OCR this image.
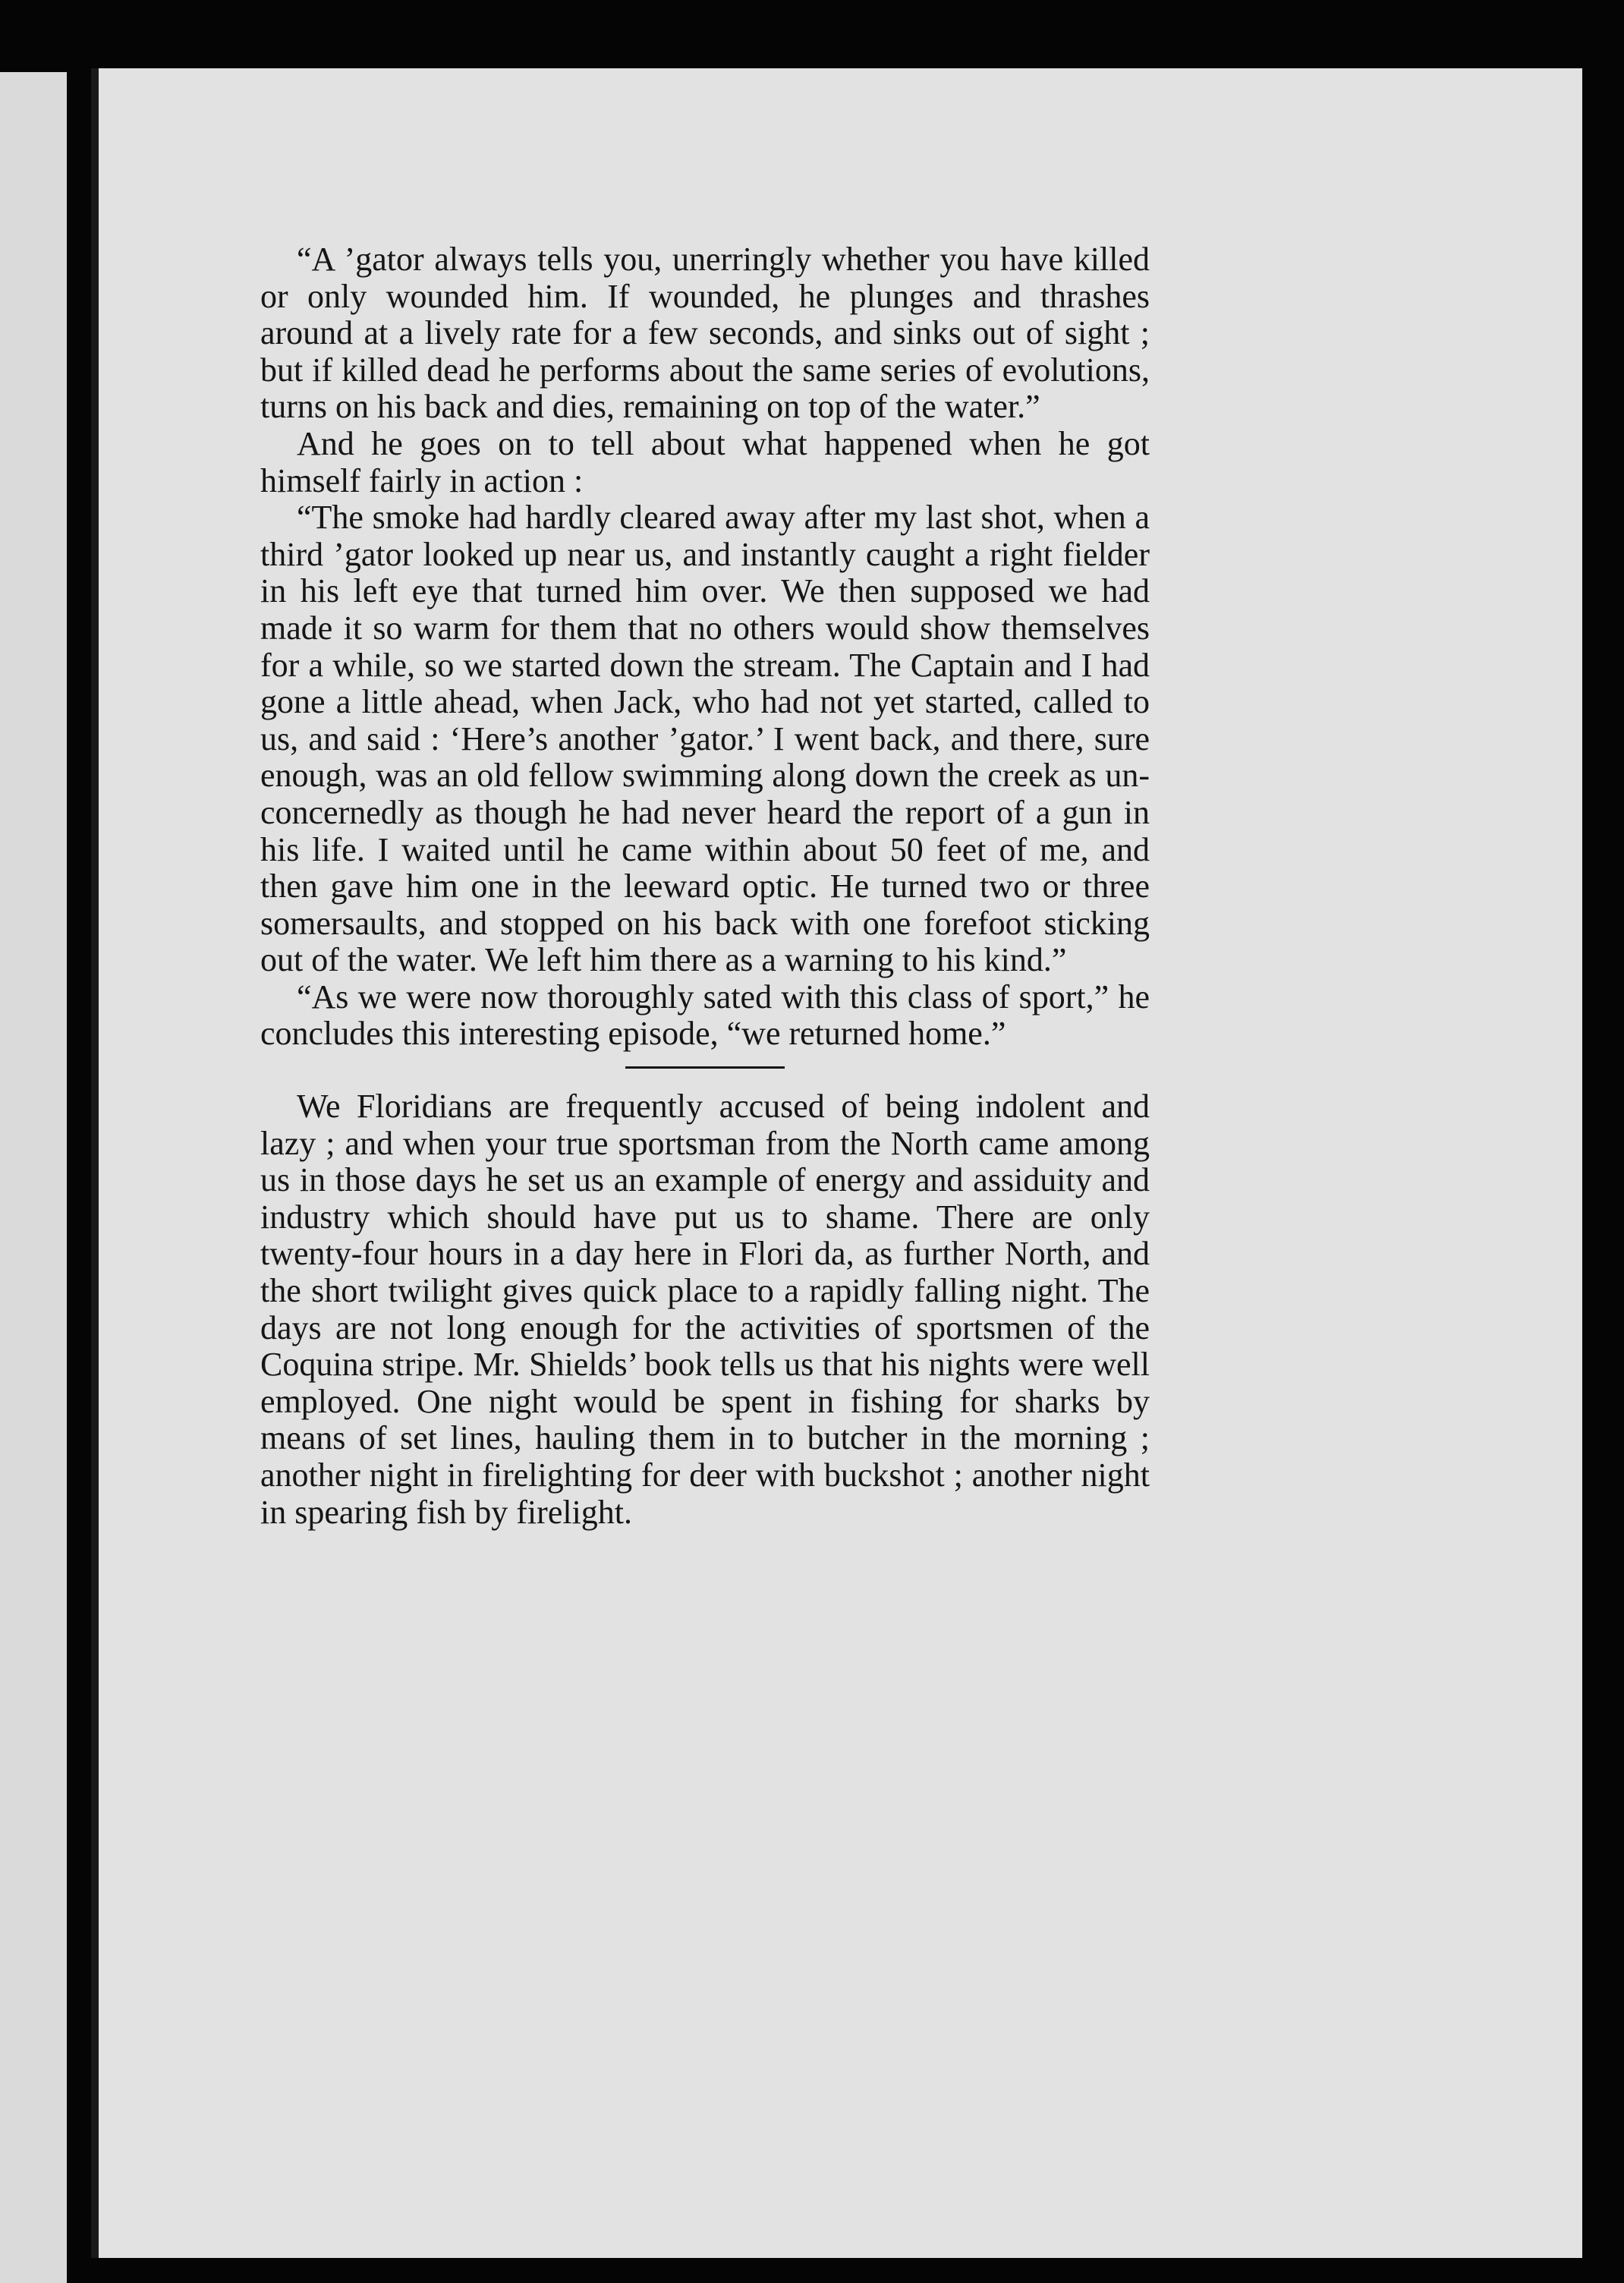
“A ’gator always tells you, unerringly whether you have killed or only wounded him. If wounded, he plunges and thrashes around at a lively rate for a few seconds, and sinks out of sight ; but if killed dead he performs about the same series of evolutions, turns on his back and dies, remaining on top of the water.”

And he goes on to tell about what happened when he got himself fairly in action :

“The smoke had hardly cleared away after my last shot, when a third ’gator looked up near us, and instantly caught a right fielder in his left eye that turned him over. We then supposed we had made it so warm for them that no others would show themselves for a while, so we started down the stream. The Captain and I had gone a little ahead, when Jack, who had not yet started, called to us, and said : ‘Here’s another ’gator.’ I went back, and there, sure enough, was an old fellow swimming along down the creek as unconcernedly as though he had never heard the report of a gun in his life. I waited until he came within about 50 feet of me, and then gave him one in the leeward optic. He turned two or three somersaults, and stopped on his back with one forefoot sticking out of the water. We left him there as a warning to his kind.”

“As we were now thoroughly sated with this class of sport,” he concludes this interesting episode, “we returned home.”

We Floridians are frequently accused of being indolent and lazy ; and when your true sportsman from the North came among us in those days he set us an example of energy and assiduity and industry which should have put us to shame. There are only twenty-four hours in a day here in Flori da, as further North, and the short twilight gives quick place to a rapidly falling night. The days are not long enough for the activities of sportsmen of the Coquina stripe. Mr. Shields’ book tells us that his nights were well employed. One night would be spent in fishing for sharks by means of set lines, hauling them in to butcher in the morning ; another night in firelighting for deer with buckshot ; another night in spearing fish by firelight.
